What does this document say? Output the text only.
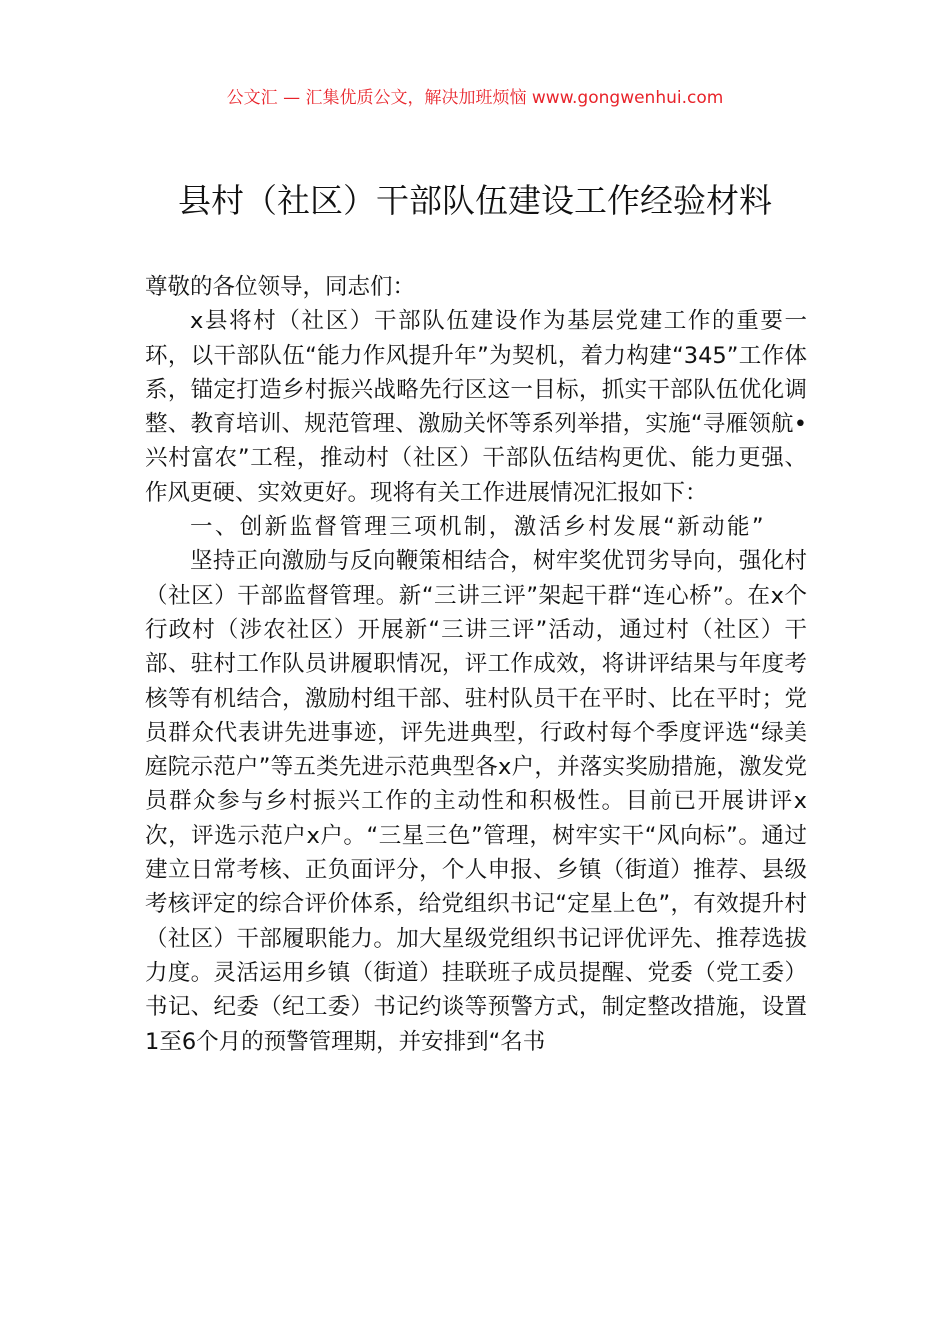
公文汇 — 汇集优质公文，解决加班烦恼 www.gongwenhui.com
县村（社区）干部队伍建设工作经验材料

尊敬的各位领导，同志们：

x县将村（社区）干部队伍建设作为基层党建工作的重要一环，以干部队伍“能力作风提升年”为契机，着力构建“345”工作体系，锚定打造乡村振兴战略先行区这一目标，抓实干部队伍优化调整、教育培训、规范管理、激励关怀等系列举措，实施“寻雁领航•兴村富农”工程，推动村（社区）干部队伍结构更优、能力更强、作风更硬、实效更好。现将有关工作进展情况汇报如下：

一、创新监督管理三项机制，激活乡村发展“新动能”

坚持正向激励与反向鞭策相结合，树牢奖优罚劣导向，强化村（社区）干部监督管理。新“三讲三评”架起干群“连心桥”。在x个行政村（涉农社区）开展新“三讲三评”活动，通过村（社区）干部、驻村工作队员讲履职情况，评工作成效，将讲评结果与年度考核等有机结合，激励村组干部、驻村队员干在平时、比在平时；党员群众代表讲先进事迹，评先进典型，行政村每个季度评选“绿美庭院示范户”等五类先进示范典型各x户，并落实奖励措施，激发党员群众参与乡村振兴工作的主动性和积极性。目前已开展讲评x次，评选示范户x户。“三星三色”管理，树牢实干“风向标”。通过建立日常考核、正负面评分，个人申报、乡镇（街道）推荐、县级考核评定的综合评价体系，给党组织书记“定星上色”，有效提升村（社区）干部履职能力。加大星级党组织书记评优评先、推荐选拔力度。灵活运用乡镇（街道）挂联班子成员提醒、党委（党工委）书记、纪委（纪工委）书记约谈等预警方式，制定整改措施，设置1至6个月的预警管理期，并安排到“名书
